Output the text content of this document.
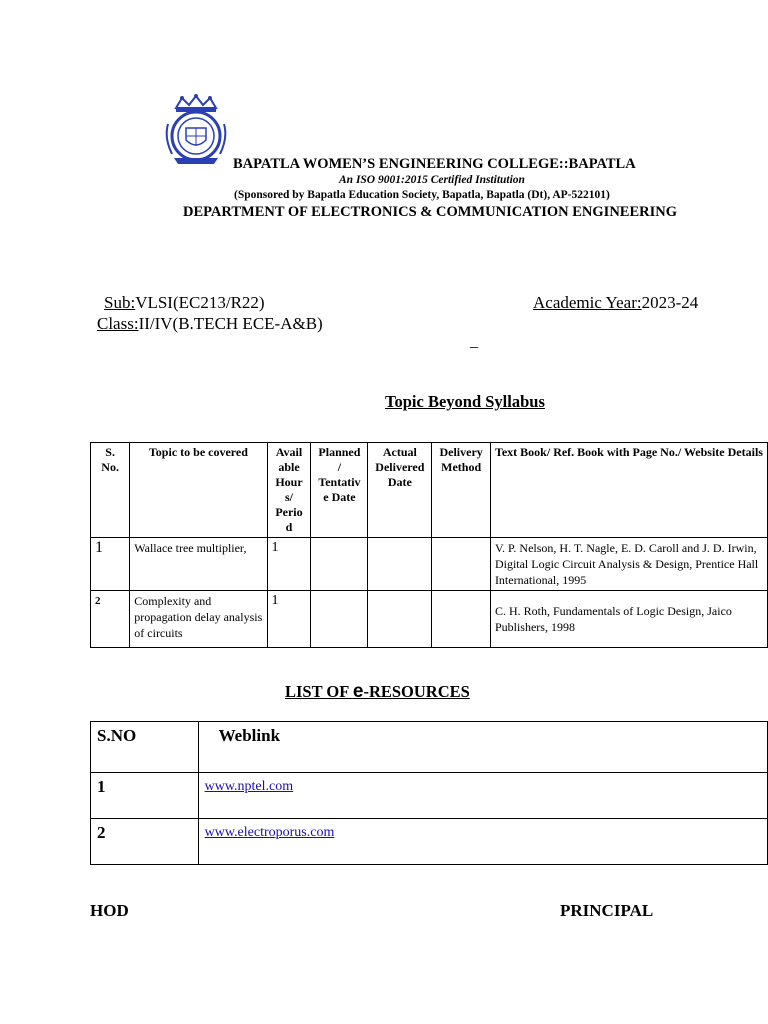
BAPATLA WOMEN’S ENGINEERING COLLEGE::BAPATLA
An ISO 9001:2015 Certified Institution
(Sponsored by Bapatla Education Society, Bapatla, Bapatla (Dt), AP-522101)
DEPARTMENT OF ELECTRONICS & COMMUNICATION ENGINEERING
Sub:VLSI(EC213/R22)
Class:II/IV(B.TECH ECE-A&B)
Academic Year:2023-24
_
Topic Beyond Syllabus
S. No.	Topic to be covered	Avail able Hour s/ Perio d	Planned / Tentativ e Date	Actual Delivered Date	Delivery Method	Text Book/ Ref. Book with Page No./ Website Details
1	Wallace tree multiplier,	1				V. P. Nelson, H. T. Nagle, E. D. Caroll and J. D. Irwin, Digital Logic Circuit Analysis & Design, Prentice Hall International, 1995
2	Complexity and propagation delay analysis of circuits	1				C. H. Roth, Fundamentals of Logic Design, Jaico Publishers, 1998
LIST OF e-RESOURCES
S.NO	Weblink
1	www.nptel.com
2	www.electroporus.com
HOD	PRINCIPAL
